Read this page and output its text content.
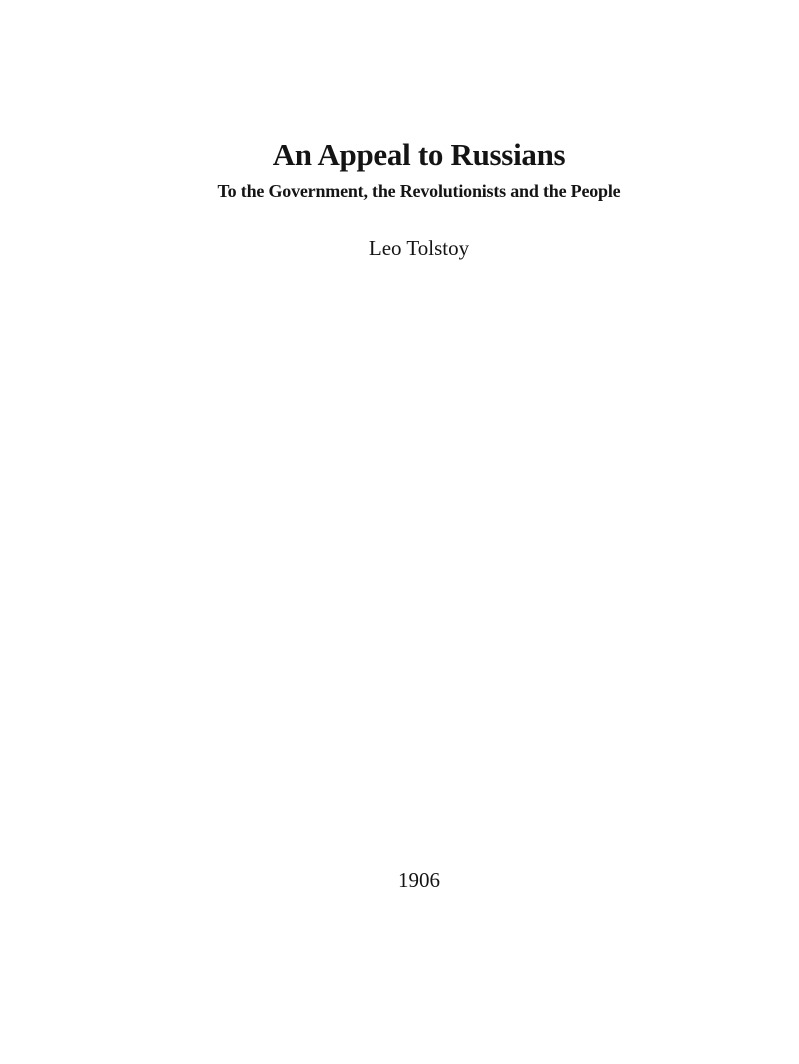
An Appeal to Russians
To the Government, the Revolutionists and the People
Leo Tolstoy
1906
